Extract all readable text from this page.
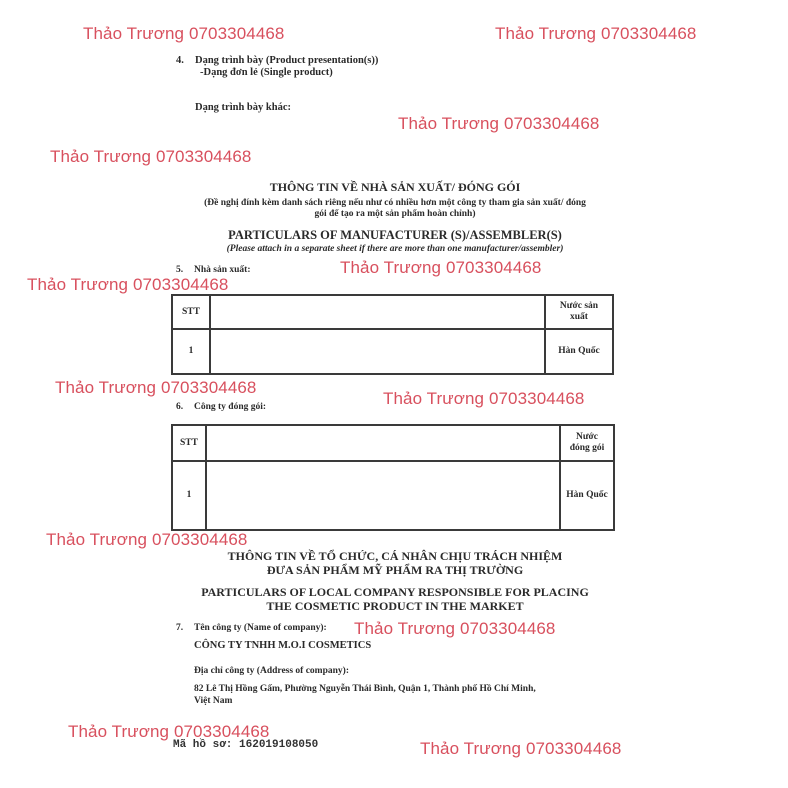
4. Dạng trình bày (Product presentation(s))
-Dạng đơn lẻ (Single product)
Dạng trình bày khác:
THÔNG TIN VỀ NHÀ SẢN XUẤT/ ĐÓNG GÓI
(Đề nghị đính kèm danh sách riêng nếu như có nhiều hơn một công ty tham gia sản xuất/ đóng
gói để tạo ra một sản phẩm hoàn chỉnh)
PARTICULARS OF MANUFACTURER (S)/ASSEMBLER(S)
(Please attach in a separate sheet if there are more than one manufacturer/assembler)
5. Nhà sản xuất:
STT		Nước sản
xuất
1		Hàn Quốc
6. Công ty đóng gói:
STT		Nước
đóng gói
1		Hàn Quốc
THÔNG TIN VỀ TỔ CHỨC, CÁ NHÂN CHỊU TRÁCH NHIỆM
ĐƯA SẢN PHẨM MỸ PHẨM RA THỊ TRƯỜNG
PARTICULARS OF LOCAL COMPANY RESPONSIBLE FOR PLACING
THE COSMETIC PRODUCT IN THE MARKET
7. Tên công ty (Name of company):
CÔNG TY TNHH M.O.I COSMETICS
Địa chỉ công ty (Address of company):
82 Lê Thị Hồng Gấm, Phường Nguyễn Thái Bình, Quận 1, Thành phố Hồ Chí Minh,
Việt Nam
Mã hồ sơ: 162019108050
Thảo Trương 0703304468	Thảo Trương 0703304468
Thảo Trương 0703304468
Thảo Trương 0703304468
Thảo Trương 0703304468
Thảo Trương 0703304468
Thảo Trương 0703304468
Thảo Trương 0703304468
Thảo Trương 0703304468
Thảo Trương 0703304468
Thảo Trương 0703304468
Thảo Trương 0703304468
